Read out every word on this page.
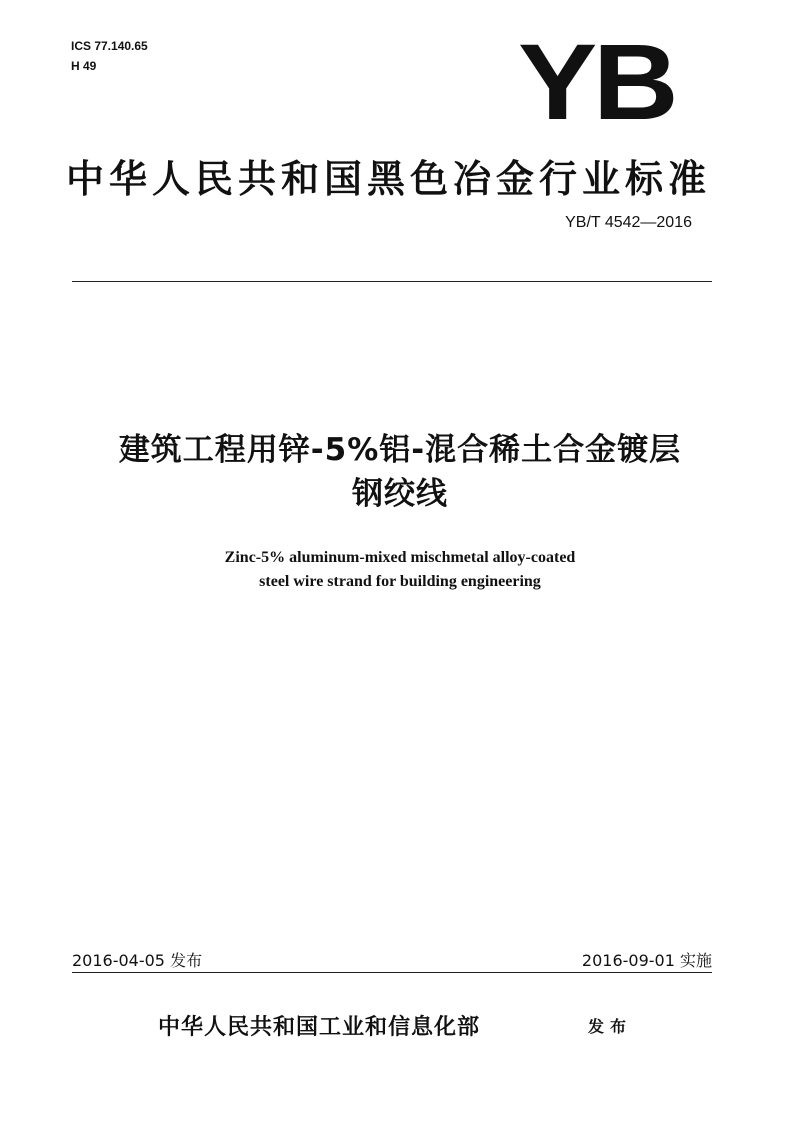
ICS 77.140.65
H 49	YB
中华人民共和国黑色冶金行业标准
YB/T 4542—2016
建筑工程用锌-5%铝-混合稀土合金镀层
钢绞线
Zinc-5% aluminum-mixed mischmetal alloy-coated
steel wire strand for building engineering
2016-04-05 发布	2016-09-01 实施
中华人民共和国工业和信息化部	发布
